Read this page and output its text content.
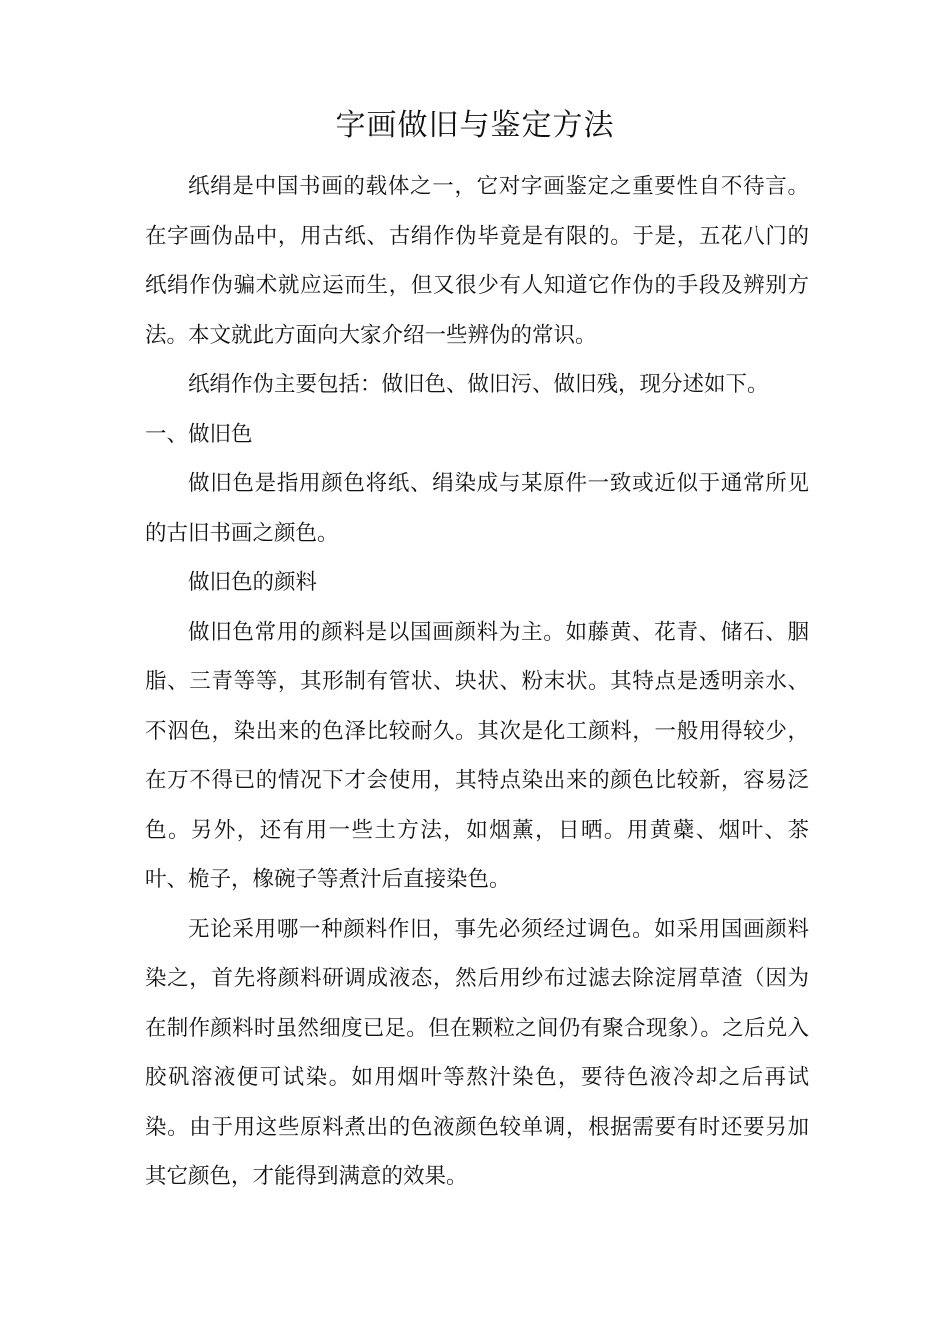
字画做旧与鉴定方法

纸绢是中国书画的载体之一，它对字画鉴定之重要性自不待言。在字画伪品中，用古纸、古绢作伪毕竟是有限的。于是，五花八门的纸绢作伪骗术就应运而生，但又很少有人知道它作伪的手段及辨别方法。本文就此方面向大家介绍一些辨伪的常识。

纸绢作伪主要包括：做旧色、做旧污、做旧残，现分述如下。

一、做旧色

做旧色是指用颜色将纸、绢染成与某原件一致或近似于通常所见的古旧书画之颜色。

做旧色的颜料

做旧色常用的颜料是以国画颜料为主。如藤黄、花青、储石、胭脂、三青等等，其形制有管状、块状、粉末状。其特点是透明亲水、不泅色，染出来的色泽比较耐久。其次是化工颜料，一般用得较少，在万不得已的情况下才会使用，其特点染出来的颜色比较新，容易泛色。另外，还有用一些土方法，如烟薰，日晒。用黄蘗、烟叶、茶叶、桅子，橡碗子等煮汁后直接染色。

无论采用哪一种颜料作旧，事先必须经过调色。如采用国画颜料染之，首先将颜料研调成液态，然后用纱布过滤去除淀屑草渣（因为在制作颜料时虽然细度已足。但在颗粒之间仍有聚合现象）。之后兑入胶矾溶液便可试染。如用烟叶等熬汁染色，要待色液冷却之后再试染。由于用这些原料煮出的色液颜色较单调，根据需要有时还要另加其它颜色，才能得到满意的效果。
